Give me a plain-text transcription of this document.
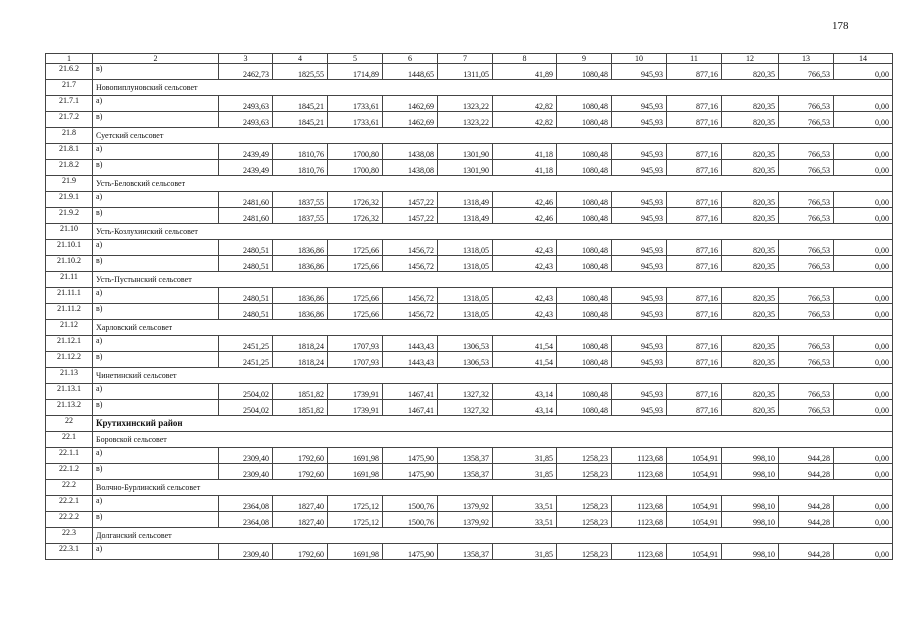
178
1	2	3	4	5	6	7	8	9	10	11	12	13	14
21.6.2	в)	2462,73	1825,55	1714,89	1448,65	1311,05	41,89	1080,48	945,93	877,16	820,35	766,53	0,00
21.7	Новопиплуновский сельсовет												
21.7.1	а)	2493,63	1845,21	1733,61	1462,69	1323,22	42,82	1080,48	945,93	877,16	820,35	766,53	0,00
21.7.2	в)	2493,63	1845,21	1733,61	1462,69	1323,22	42,82	1080,48	945,93	877,16	820,35	766,53	0,00
21.8	Суетский сельсовет												
21.8.1	а)	2439,49	1810,76	1700,80	1438,08	1301,90	41,18	1080,48	945,93	877,16	820,35	766,53	0,00
21.8.2	в)	2439,49	1810,76	1700,80	1438,08	1301,90	41,18	1080,48	945,93	877,16	820,35	766,53	0,00
21.9	Усть-Беловский сельсовет												
21.9.1	а)	2481,60	1837,55	1726,32	1457,22	1318,49	42,46	1080,48	945,93	877,16	820,35	766,53	0,00
21.9.2	в)	2481,60	1837,55	1726,32	1457,22	1318,49	42,46	1080,48	945,93	877,16	820,35	766,53	0,00
21.10	Усть-Козлухинский сельсовет												
21.10.1	а)	2480,51	1836,86	1725,66	1456,72	1318,05	42,43	1080,48	945,93	877,16	820,35	766,53	0,00
21.10.2	в)	2480,51	1836,86	1725,66	1456,72	1318,05	42,43	1080,48	945,93	877,16	820,35	766,53	0,00
21.11	Усть-Пустынский сельсовет												
21.11.1	а)	2480,51	1836,86	1725,66	1456,72	1318,05	42,43	1080,48	945,93	877,16	820,35	766,53	0,00
21.11.2	в)	2480,51	1836,86	1725,66	1456,72	1318,05	42,43	1080,48	945,93	877,16	820,35	766,53	0,00
21.12	Харловский сельсовет												
21.12.1	а)	2451,25	1818,24	1707,93	1443,43	1306,53	41,54	1080,48	945,93	877,16	820,35	766,53	0,00
21.12.2	в)	2451,25	1818,24	1707,93	1443,43	1306,53	41,54	1080,48	945,93	877,16	820,35	766,53	0,00
21.13	Чинетинский сельсовет												
21.13.1	а)	2504,02	1851,82	1739,91	1467,41	1327,32	43,14	1080,48	945,93	877,16	820,35	766,53	0,00
21.13.2	в)	2504,02	1851,82	1739,91	1467,41	1327,32	43,14	1080,48	945,93	877,16	820,35	766,53	0,00
22	Крутихинский район												
22.1	Боровской сельсовет												
22.1.1	а)	2309,40	1792,60	1691,98	1475,90	1358,37	31,85	1258,23	1123,68	1054,91	998,10	944,28	0,00
22.1.2	в)	2309,40	1792,60	1691,98	1475,90	1358,37	31,85	1258,23	1123,68	1054,91	998,10	944,28	0,00
22.2	Волчно-Бурлинский сельсовет												
22.2.1	а)	2364,08	1827,40	1725,12	1500,76	1379,92	33,51	1258,23	1123,68	1054,91	998,10	944,28	0,00
22.2.2	в)	2364,08	1827,40	1725,12	1500,76	1379,92	33,51	1258,23	1123,68	1054,91	998,10	944,28	0,00
22.3	Долганский сельсовет												
22.3.1	а)	2309,40	1792,60	1691,98	1475,90	1358,37	31,85	1258,23	1123,68	1054,91	998,10	944,28	0,00
